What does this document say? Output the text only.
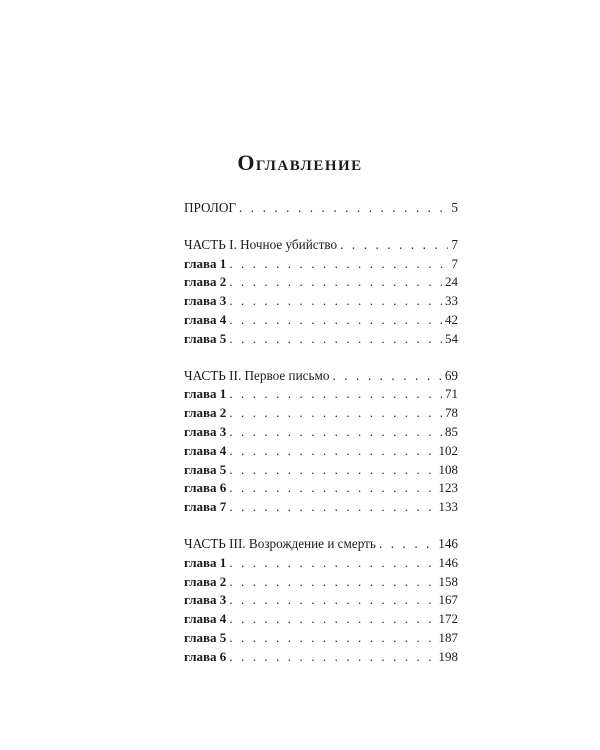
Оглавление
ПРОЛОГ . . .	5
ЧАСТЬ I. Ночное убийство . . .	7
глава 1 . . .	7
глава 2 . . .	24
глава 3 . . .	33
глава 4 . . .	42
глава 5 . . .	54
ЧАСТЬ II. Первое письмо . . .	69
глава 1 . . .	71
глава 2 . . .	78
глава 3 . . .	85
глава 4 . . .	102
глава 5 . . .	108
глава 6 . . .	123
глава 7 . . .	133
ЧАСТЬ III. Возрождение и смерть . . .	146
глава 1 . . .	146
глава 2 . . .	158
глава 3 . . .	167
глава 4 . . .	172
глава 5 . . .	187
глава 6 . . .	198
